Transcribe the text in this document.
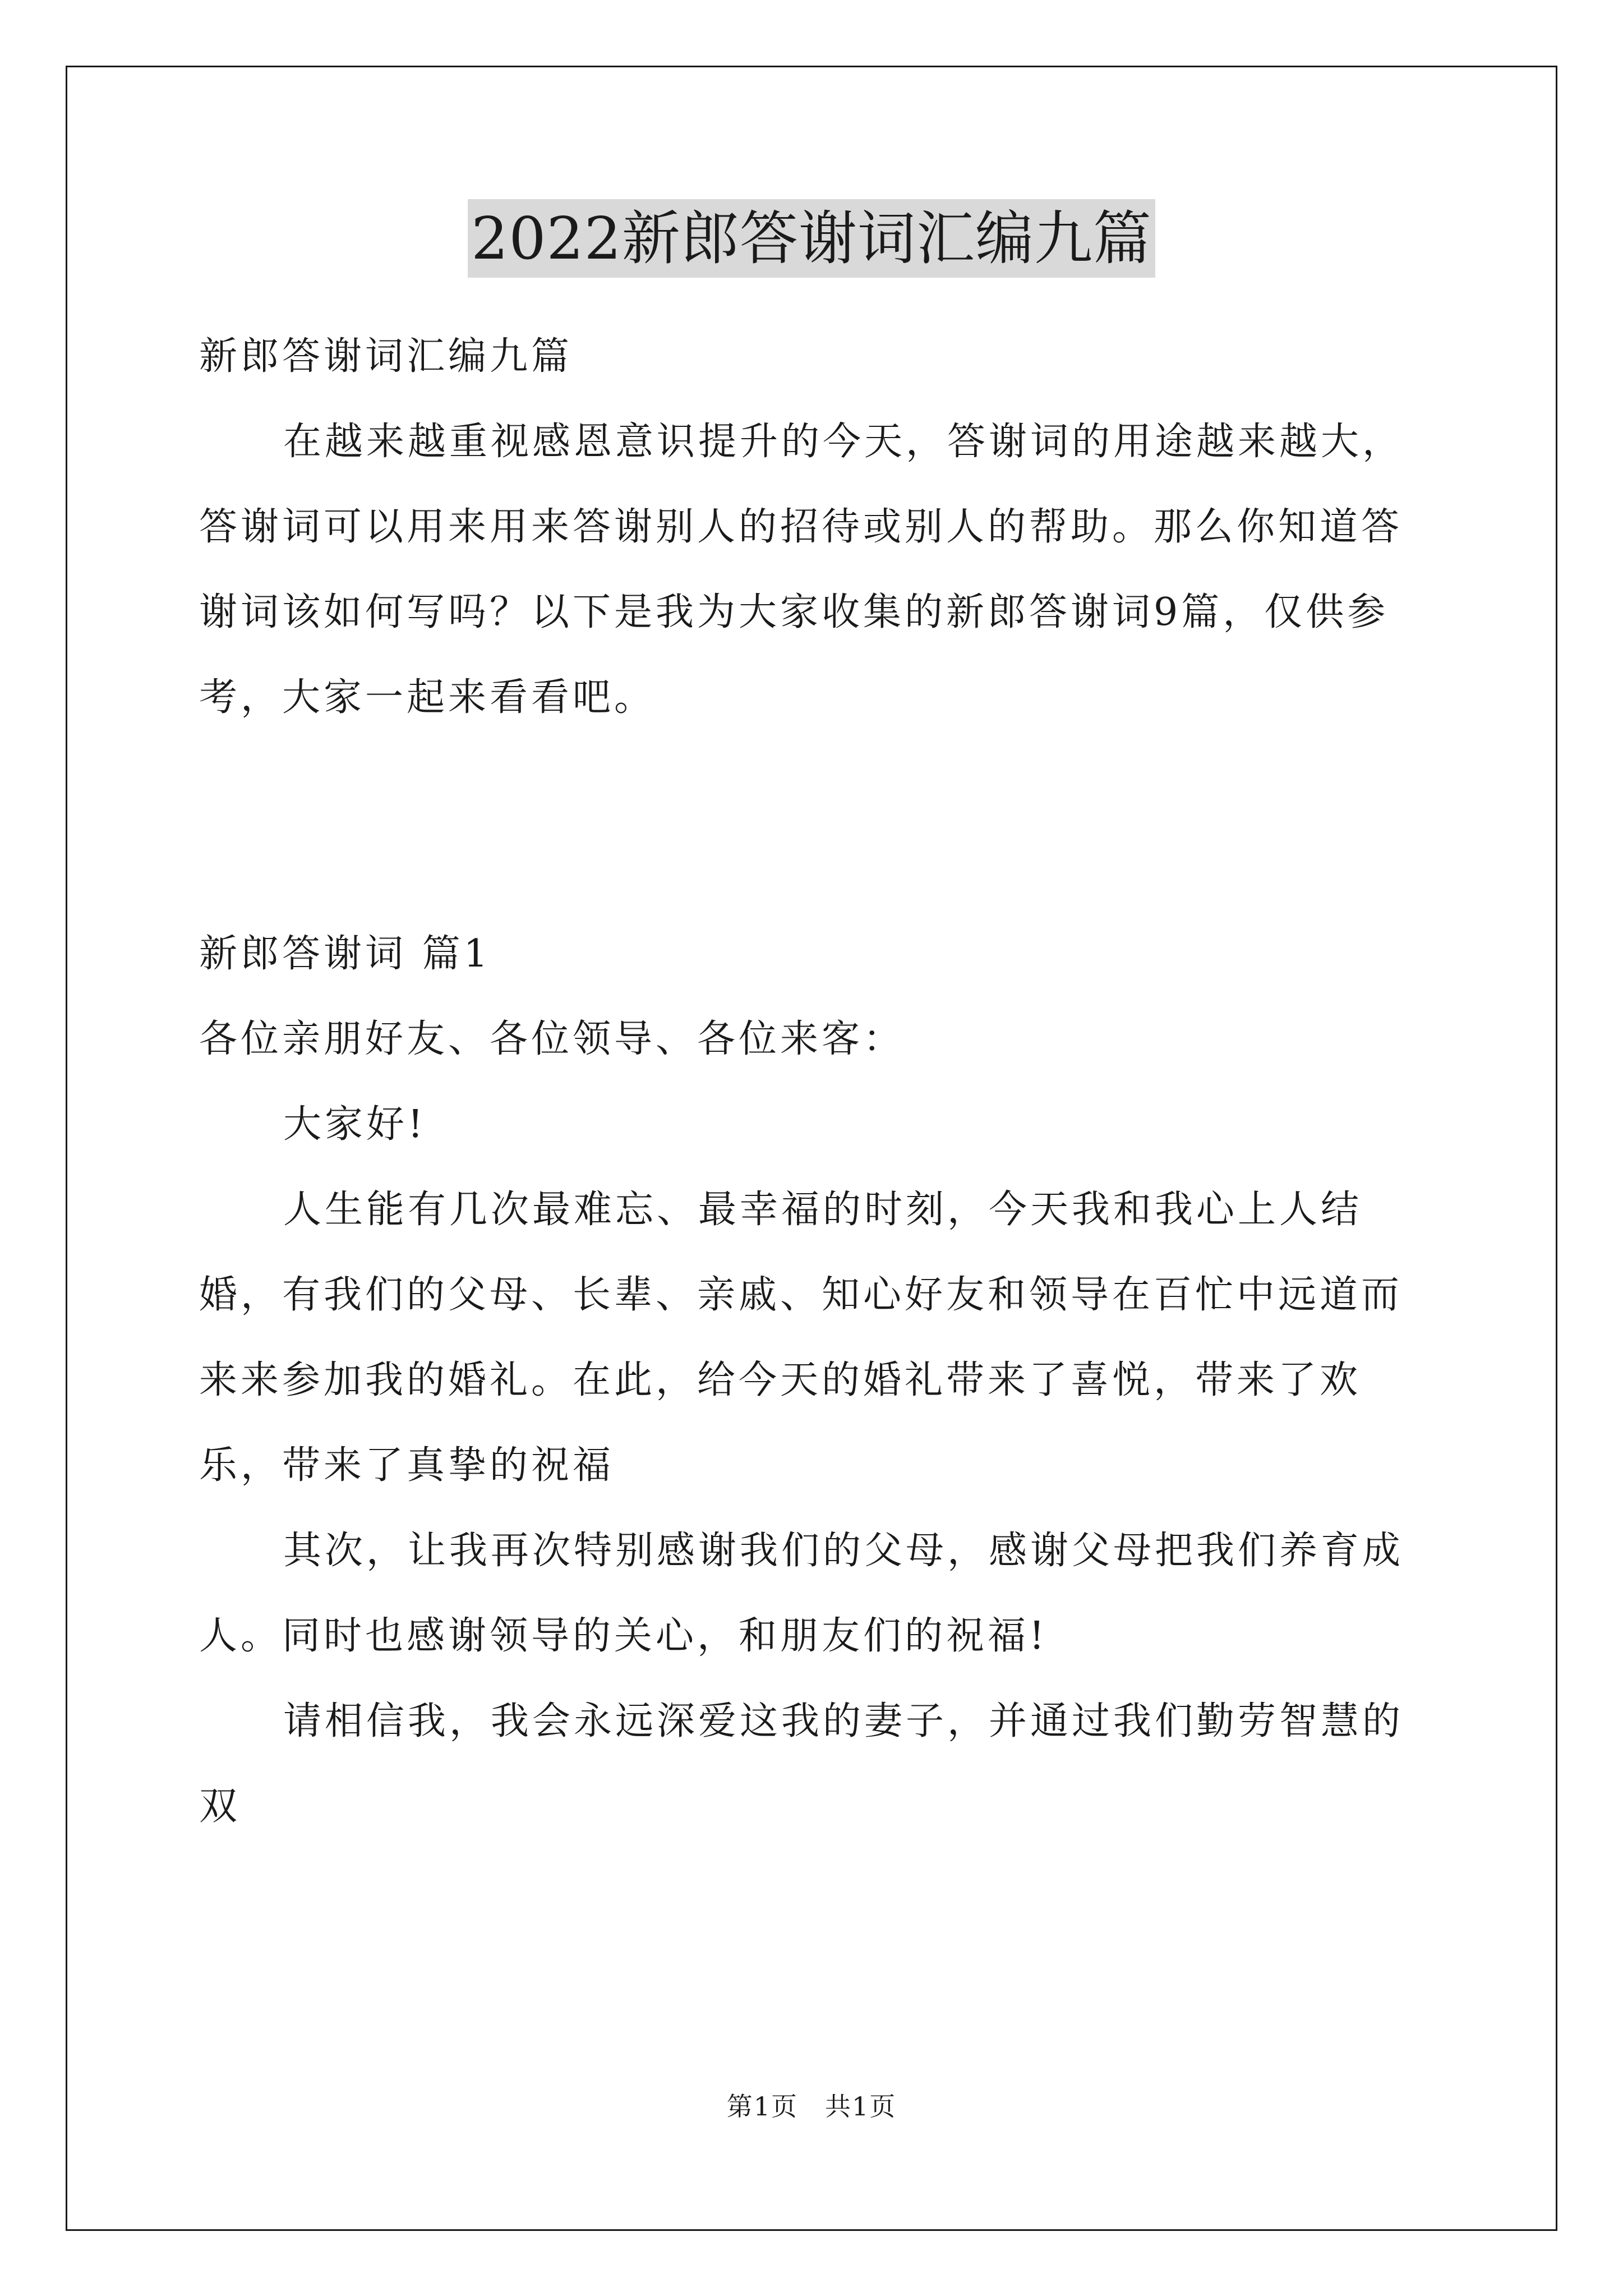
2022新郎答谢词汇编九篇

新郎答谢词汇编九篇

在越来越重视感恩意识提升的今天，答谢词的用途越来越大，答谢词可以用来用来答谢别人的招待或别人的帮助。那么你知道答谢词该如何写吗？以下是我为大家收集的新郎答谢词9篇，仅供参考，大家一起来看看吧。

新郎答谢词 篇1

各位亲朋好友、各位领导、各位来客：

大家好!

人生能有几次最难忘、最幸福的时刻，今天我和我心上人结婚，有我们的父母、长辈、亲戚、知心好友和领导在百忙中远道而来来参加我的婚礼。在此，给今天的婚礼带来了喜悦，带来了欢乐，带来了真挚的祝福

其次，让我再次特别感谢我们的父母，感谢父母把我们养育成人。同时也感谢领导的关心，和朋友们的祝福!

请相信我，我会永远深爱这我的妻子，并通过我们勤劳智慧的双

第1页　共1页
